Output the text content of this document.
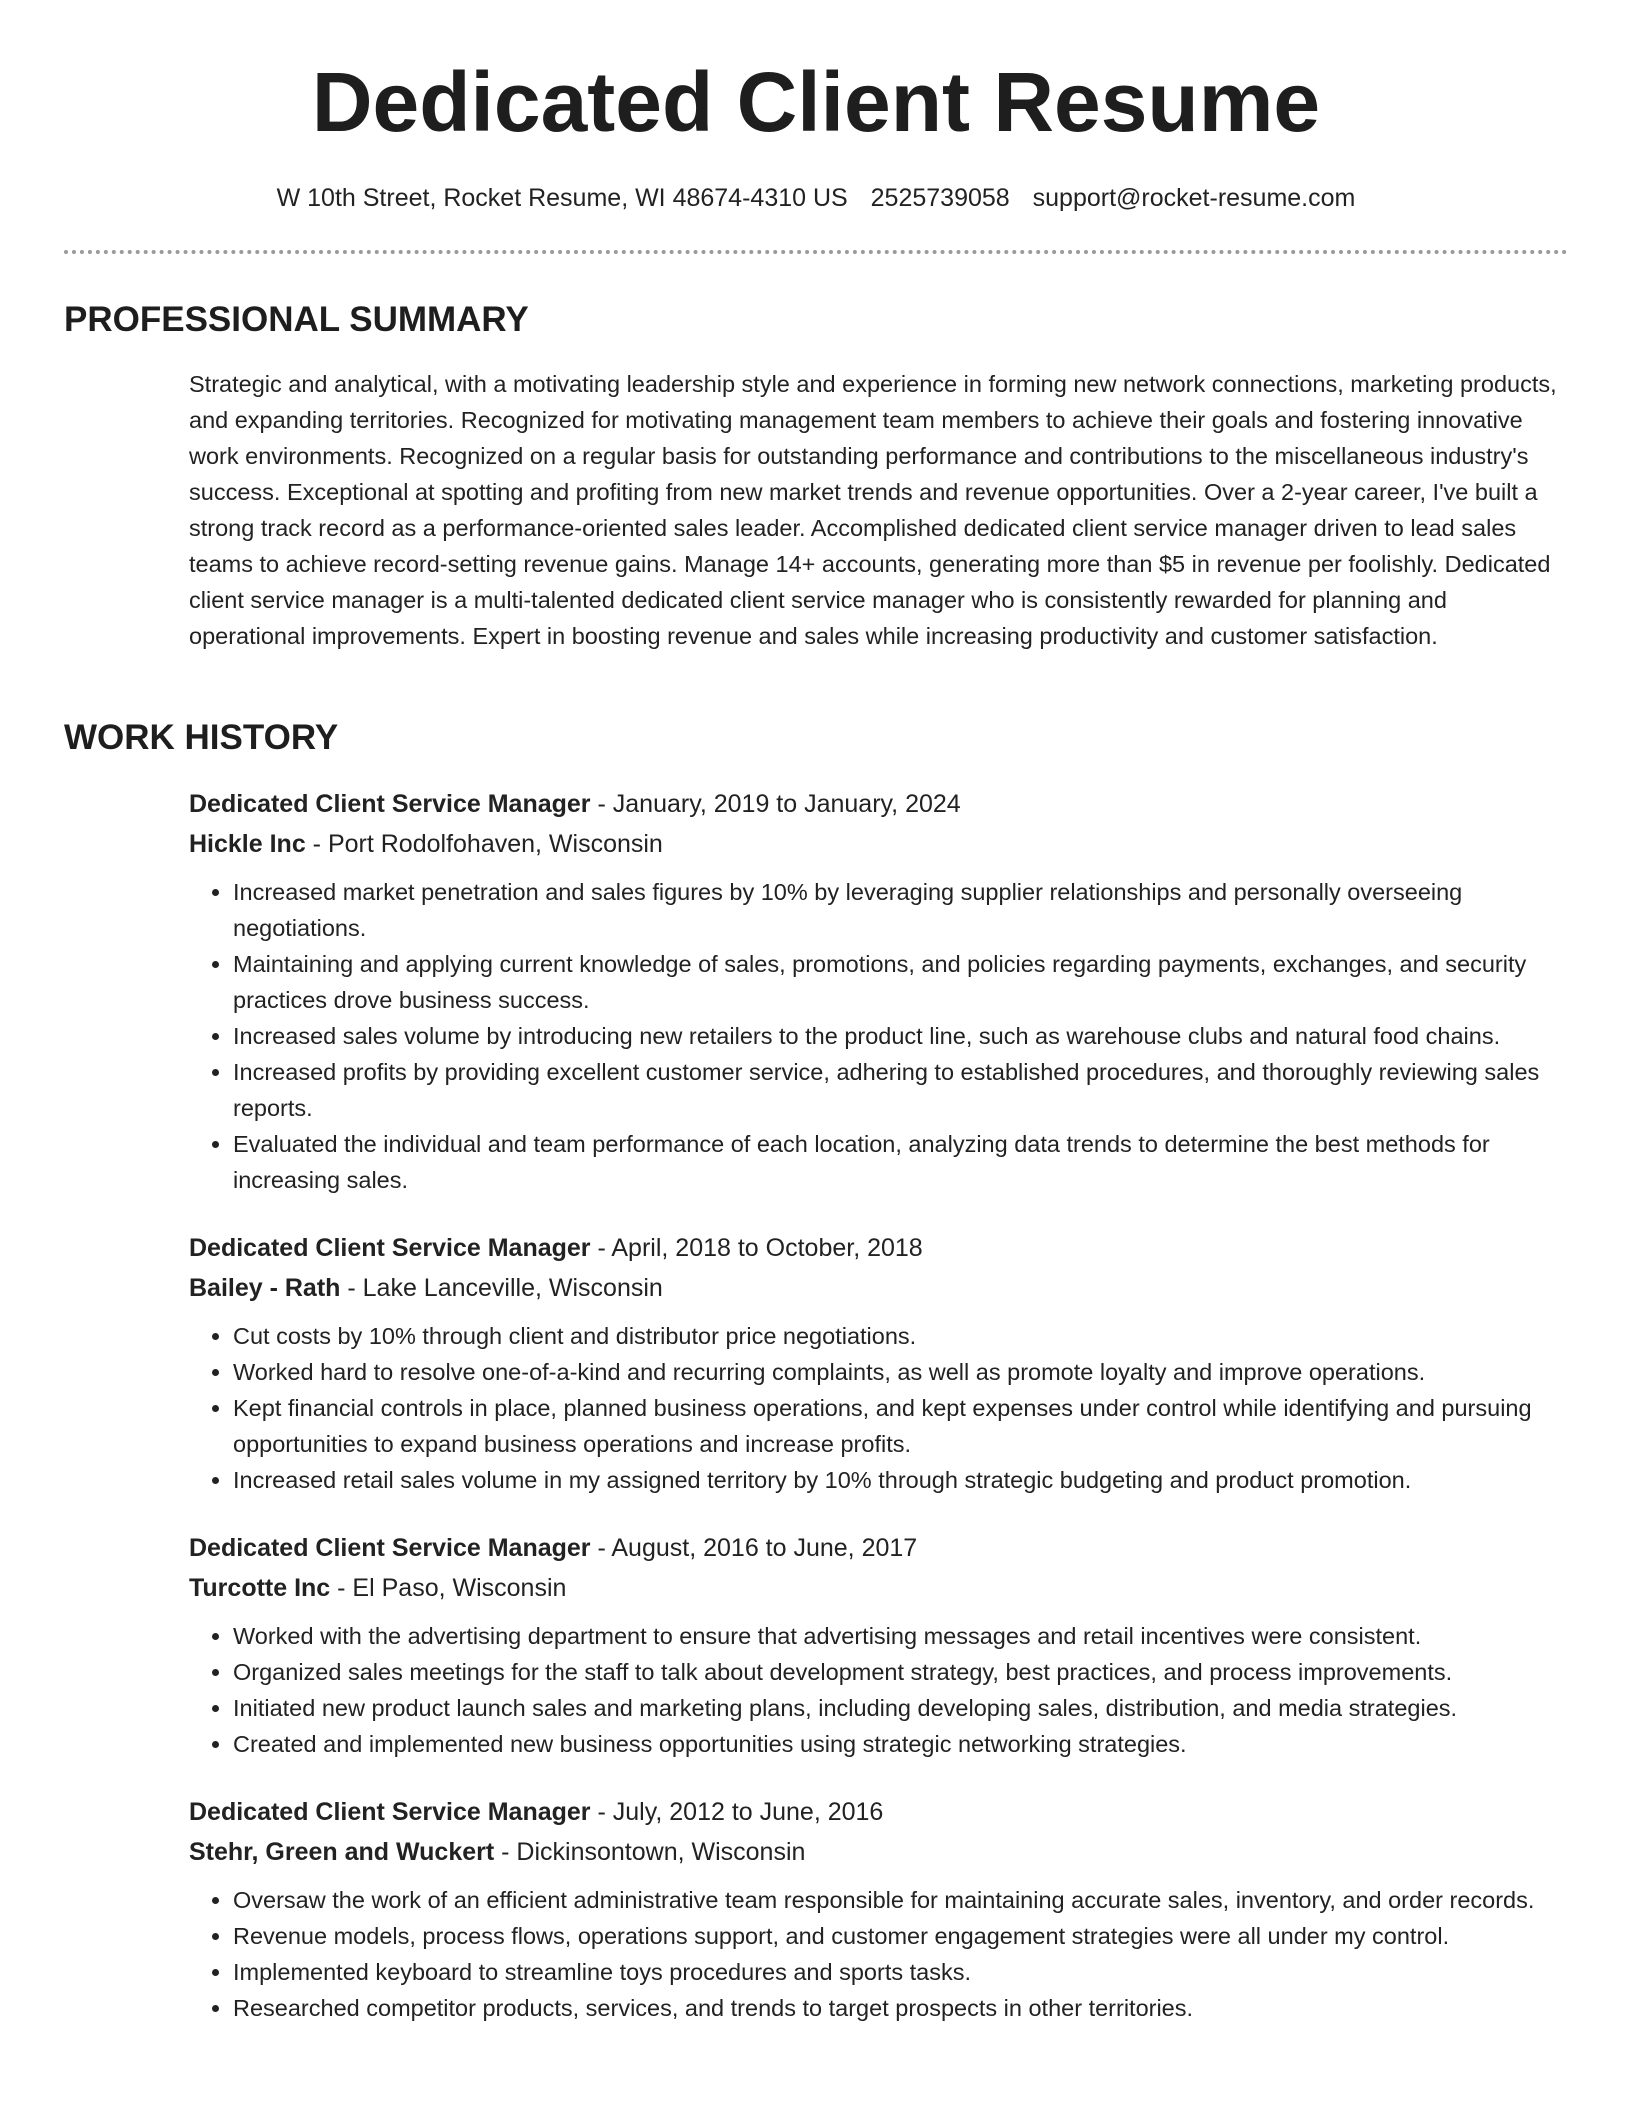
Dedicated Client Resume
W 10th Street, Rocket Resume, WI 48674-4310 US 2525739058 support@rocket-resume.com
PROFESSIONAL SUMMARY

Strategic and analytical, with a motivating leadership style and experience in forming new network connections, marketing products, and expanding territories. Recognized for motivating management team members to achieve their goals and fostering innovative work environments. Recognized on a regular basis for outstanding performance and contributions to the miscellaneous industry's success. Exceptional at spotting and profiting from new market trends and revenue opportunities. Over a 2-year career, I've built a strong track record as a performance-oriented sales leader. Accomplished dedicated client service manager driven to lead sales teams to achieve record-setting revenue gains. Manage 14+ accounts, generating more than $5 in revenue per foolishly. Dedicated client service manager is a multi-talented dedicated client service manager who is consistently rewarded for planning and operational improvements. Expert in boosting revenue and sales while increasing productivity and customer satisfaction.

WORK HISTORY
Dedicated Client Service Manager - January, 2019 to January, 2024
Hickle Inc - Port Rodolfohaven, Wisconsin
• Increased market penetration and sales figures by 10% by leveraging supplier relationships and personally overseeing negotiations.
• Maintaining and applying current knowledge of sales, promotions, and policies regarding payments, exchanges, and security practices drove business success.
• Increased sales volume by introducing new retailers to the product line, such as warehouse clubs and natural food chains.
• Increased profits by providing excellent customer service, adhering to established procedures, and thoroughly reviewing sales reports.
• Evaluated the individual and team performance of each location, analyzing data trends to determine the best methods for increasing sales.
Dedicated Client Service Manager - April, 2018 to October, 2018
Bailey - Rath - Lake Lanceville, Wisconsin
• Cut costs by 10% through client and distributor price negotiations.
• Worked hard to resolve one-of-a-kind and recurring complaints, as well as promote loyalty and improve operations.
• Kept financial controls in place, planned business operations, and kept expenses under control while identifying and pursuing opportunities to expand business operations and increase profits.
• Increased retail sales volume in my assigned territory by 10% through strategic budgeting and product promotion.
Dedicated Client Service Manager - August, 2016 to June, 2017
Turcotte Inc - El Paso, Wisconsin
• Worked with the advertising department to ensure that advertising messages and retail incentives were consistent.
• Organized sales meetings for the staff to talk about development strategy, best practices, and process improvements.
• Initiated new product launch sales and marketing plans, including developing sales, distribution, and media strategies.
• Created and implemented new business opportunities using strategic networking strategies.
Dedicated Client Service Manager - July, 2012 to June, 2016
Stehr, Green and Wuckert - Dickinsontown, Wisconsin
• Oversaw the work of an efficient administrative team responsible for maintaining accurate sales, inventory, and order records.
• Revenue models, process flows, operations support, and customer engagement strategies were all under my control.
• Implemented keyboard to streamline toys procedures and sports tasks.
• Researched competitor products, services, and trends to target prospects in other territories.
